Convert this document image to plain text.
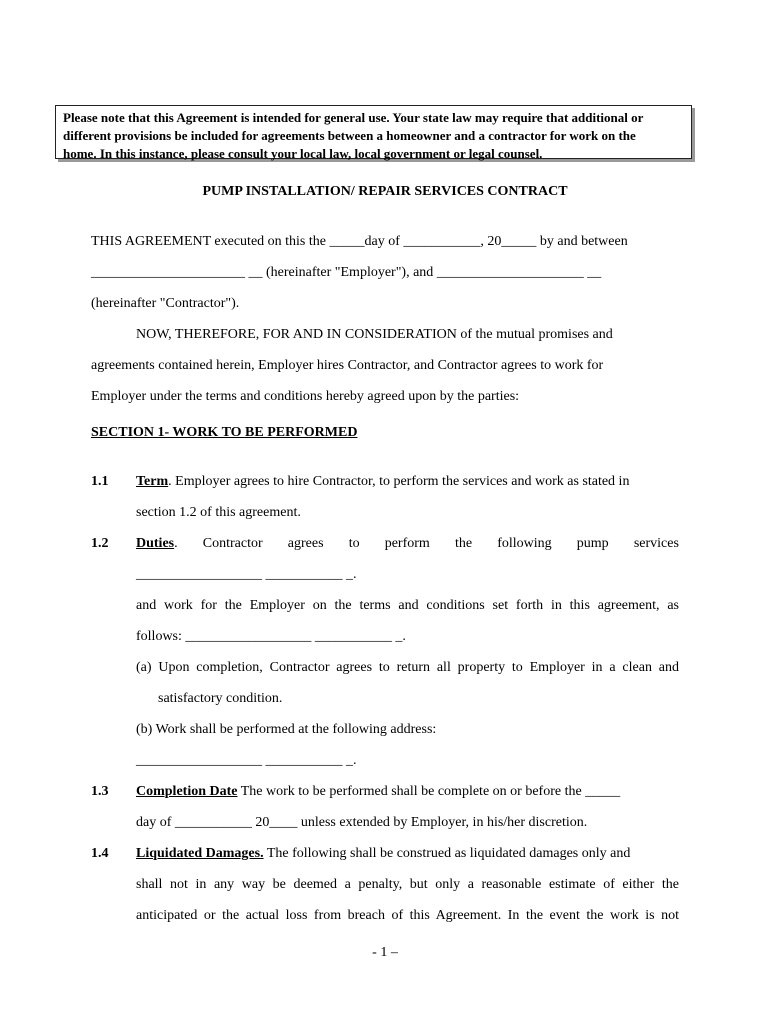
Please note that this Agreement is intended for general use. Your state law may require that additional or
different provisions be included for agreements between a homeowner and a contractor for work on the
home. In this instance, please consult your local law, local government or legal counsel.
PUMP INSTALLATION/ REPAIR SERVICES CONTRACT
THIS AGREEMENT executed on this the _____day of ___________, 20_____ by and between
______________________ __ (hereinafter "Employer"), and _____________________ __
(hereinafter "Contractor").
NOW, THEREFORE, FOR AND IN CONSIDERATION of the mutual promises and
agreements contained herein, Employer hires Contractor, and Contractor agrees to work for
Employer under the terms and conditions hereby agreed upon by the parties:
SECTION 1- WORK TO BE PERFORMED
1.1 Term. Employer agrees to hire Contractor, to perform the services and work as stated in
section 1.2 of this agreement.
1.2 Duties. Contractor agrees to perform the following pump services
__________________ ___________ _.
and work for the Employer on the terms and conditions set forth in this agreement, as
follows: __________________ ___________ _.
(a) Upon completion, Contractor agrees to return all property to Employer in a clean and
satisfactory condition.
(b) Work shall be performed at the following address:
__________________ ___________ _.
1.3 Completion Date The work to be performed shall be complete on or before the _____
day of ___________ 20____ unless extended by Employer, in his/her discretion.
1.4 Liquidated Damages. The following shall be construed as liquidated damages only and
shall not in any way be deemed a penalty, but only a reasonable estimate of either the
anticipated or the actual loss from breach of this Agreement. In the event the work is not
- 1 –
